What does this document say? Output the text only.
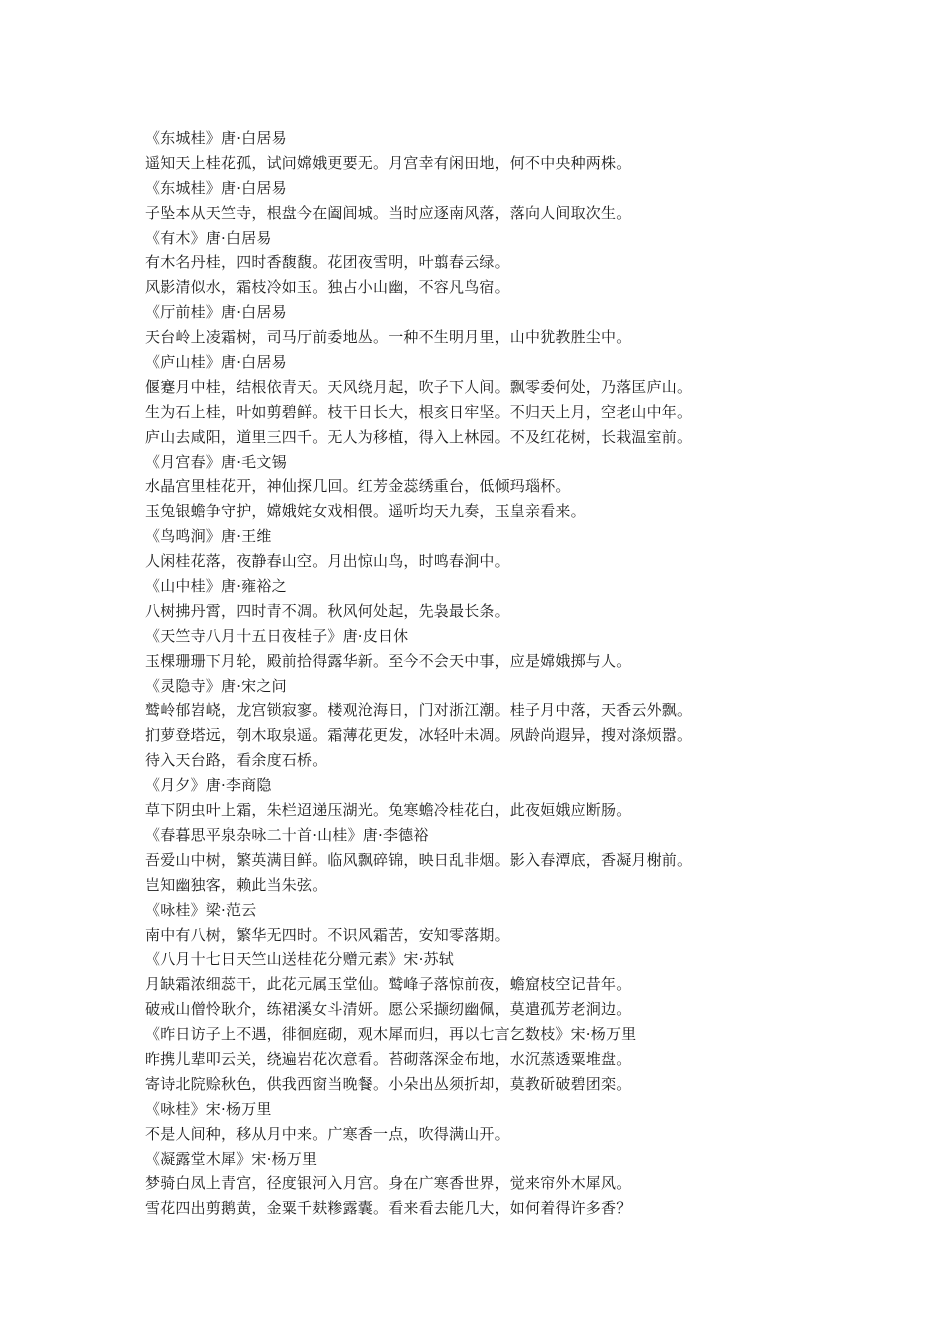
《东城桂》唐·白居易
遥知天上桂花孤，试问嫦娥更要无。月宫幸有闲田地，何不中央种两株。
《东城桂》唐·白居易
子坠本从天竺寺，根盘今在阖闾城。当时应逐南风落，落向人间取次生。
《有木》唐·白居易
有木名丹桂，四时香馥馥。花团夜雪明，叶翦春云绿。
风影清似水，霜枝冷如玉。独占小山幽，不容凡鸟宿。
《厅前桂》唐·白居易
天台岭上凌霜树，司马厅前委地丛。一种不生明月里，山中犹教胜尘中。
《庐山桂》唐·白居易
偃蹇月中桂，结根依青天。天风绕月起，吹子下人间。飘零委何处，乃落匡庐山。
生为石上桂，叶如剪碧鲜。枝干日长大，根亥日牢坚。不归天上月，空老山中年。
庐山去咸阳，道里三四千。无人为移植，得入上林园。不及红花树，长栽温室前。
《月宫春》唐·毛文锡
水晶宫里桂花开，神仙探几回。红芳金蕊绣重台，低倾玛瑙杯。
玉兔银蟾争守护，嫦娥姹女戏相偎。遥听均天九奏，玉皇亲看来。
《鸟鸣涧》唐·王维
人闲桂花落，夜静春山空。月出惊山鸟，时鸣春涧中。
《山中桂》唐·雍裕之
八树拂丹霄，四时青不凋。秋风何处起，先袅最长条。
《天竺寺八月十五日夜桂子》唐·皮日休
玉棵珊珊下月轮，殿前拾得露华新。至今不会天中事，应是嫦娥掷与人。
《灵隐寺》唐·宋之问
鹫岭郁岧峣，龙宫锁寂寥。楼观沧海日，门对浙江潮。桂子月中落，天香云外飘。
扪萝登塔远，刳木取泉遥。霜薄花更发，冰轻叶未凋。夙龄尚遐异，搜对涤烦嚣。
待入天台路，看余度石桥。
《月夕》唐·李商隐
草下阴虫叶上霜，朱栏迢递压湖光。兔寒蟾冷桂花白，此夜姮娥应断肠。
《春暮思平泉杂咏二十首·山桂》唐·李德裕
吾爱山中树，繁英满目鲜。临风飘碎锦，映日乱非烟。影入春潭底，香凝月榭前。
岂知幽独客，赖此当朱弦。
《咏桂》梁·范云
南中有八树，繁华无四时。不识风霜苦，安知零落期。
《八月十七日天竺山送桂花分赠元素》宋·苏轼
月缺霜浓细蕊干，此花元属玉堂仙。鹫峰子落惊前夜，蟾窟枝空记昔年。
破戒山僧怜耿介，练裙溪女斗清妍。愿公采撷纫幽佩，莫遣孤芳老涧边。
《昨日访子上不遇，徘徊庭砌，观木犀而归，再以七言乞数枝》宋·杨万里
昨携儿辈叩云关，绕遍岩花次意看。苔砌落深金布地，水沉蒸透粟堆盘。
寄诗北院赊秋色，供我西窗当晚餐。小朵出丛须折却，莫教斫破碧团栾。
《咏桂》宋·杨万里
不是人间种，移从月中来。广寒香一点，吹得满山开。
《凝露堂木犀》宋·杨万里
梦骑白凤上青宫，径度银河入月宫。身在广寒香世界，觉来帘外木犀风。
雪花四出剪鹅黄，金粟千麸糁露囊。看来看去能几大，如何着得许多香？
